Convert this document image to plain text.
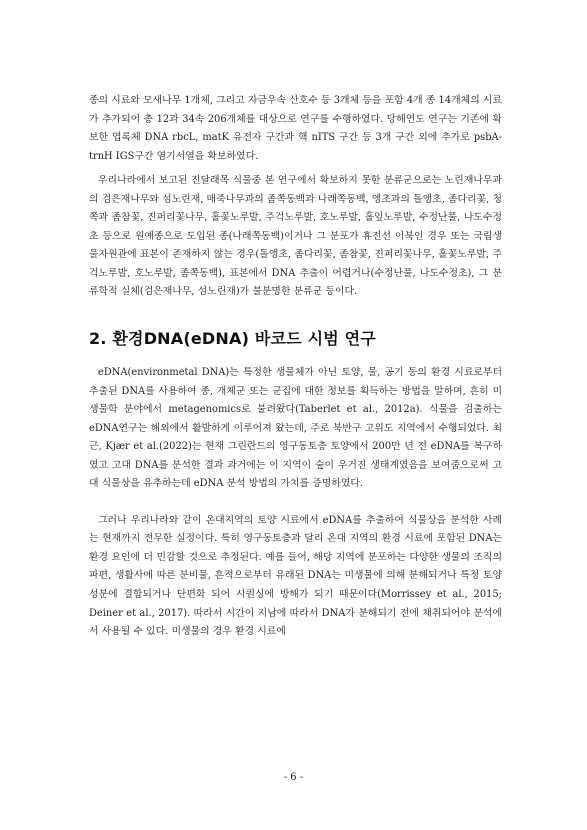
종의 시료와 모새나무 1개체, 그리고 자금우속 산호수 등 3개체 등을 포함 4개 종 14개체의 시료가 추가되어 총 12과 34속 206개체를 대상으로 연구를 수행하였다. 당해연도 연구는 기존에 확보한 엽록체 DNA rbcL, matK 유전자 구간과 핵 nITS 구간 등 3개 구간 외에 추가로 psbA-trnH IGS구간 염기서열을 확보하였다.

우리나라에서 보고된 진달래목 식물중 본 연구에서 확보하지 못한 분류군으로는 노린재나무과의 검은재나무와 섬노린재, 매죽나무과의 좀쪽동백과 나래쪽동백, 앵초과의 돌앵초, 좀다리꽃, 청쪽과 좀참꽃, 진퍼리꽃나무, 홀꽃노루발, 주걱노루발, 호노루발, 홀잎노루발, 수정난풀, 나도수정초 등으로 원예종으로 도입된 종(나래쪽동백)이거나 그 분포가 휴전선 이북인 경우 또는 국립생물자원관에 표본이 존재하지 않는 경우(돌앵초, 좀다리꽃, 좀참꽃, 진퍼리꽃나무, 홀꽃노루발, 주걱노루발, 호노루발, 좀쪽동백), 표본에서 DNA 추출이 어렵거나(수정난풀, 나도수정초), 그 분류학적 실체(검은재나무, 섬노린재)가 불분명한 분류군 등이다.

2. 환경DNA(eDNA) 바코드 시범 연구

eDNA(environmetal DNA)는 특정한 생물체가 아닌 토양, 물, 공기 등의 환경 시료로부터 추출된 DNA를 사용하여 종, 개체군 또는 군집에 대한 정보를 획득하는 방법을 말하며, 흔히 미생물학 분야에서 metagenomics로 불려왔다(Taberlet et al., 2012a). 식물을 검출하는 eDNA연구는 해외에서 활발하게 이루어져 왔는데, 주로 북반구 고위도 지역에서 수행되었다. 최근, Kjær et al.(2022)는 현재 그린란드의 영구동토층 토양에서 200만 년 전 eDNA를 복구하였고 고대 DNA를 분석한 결과 과거에는 이 지역이 숲이 우거진 생태계였음을 보여줌으로써 고대 식물상을 유추하는데 eDNA 분석 방법의 가치를 증명하였다.

그러나 우리나라와 같이 온대지역의 토양 시료에서 eDNA를 추출하여 식물상을 분석한 사례는 현재까지 전무한 실정이다. 특히 영구동토층과 달리 온대 지역의 환경 시료에 포함된 DNA는 환경 요인에 더 민감할 것으로 추정된다. 예를 들어, 해당 지역에 분포하는 다양한 생물의 조직의 파편, 생활사에 따른 분비물, 흔적으로부터 유래된 DNA는 미생물에 의해 분해되거나 특정 토양 성분에 결합되거나 단편화 되어 시퀀싱에 방해가 되기 때문이다(Morrissey et al., 2015; Deiner et al., 2017). 따라서 시간이 지남에 따라서 DNA가 분해되기 전에 채취되어야 분석에서 사용될 수 있다. 미생물의 경우 환경 시료에

- 6 -
